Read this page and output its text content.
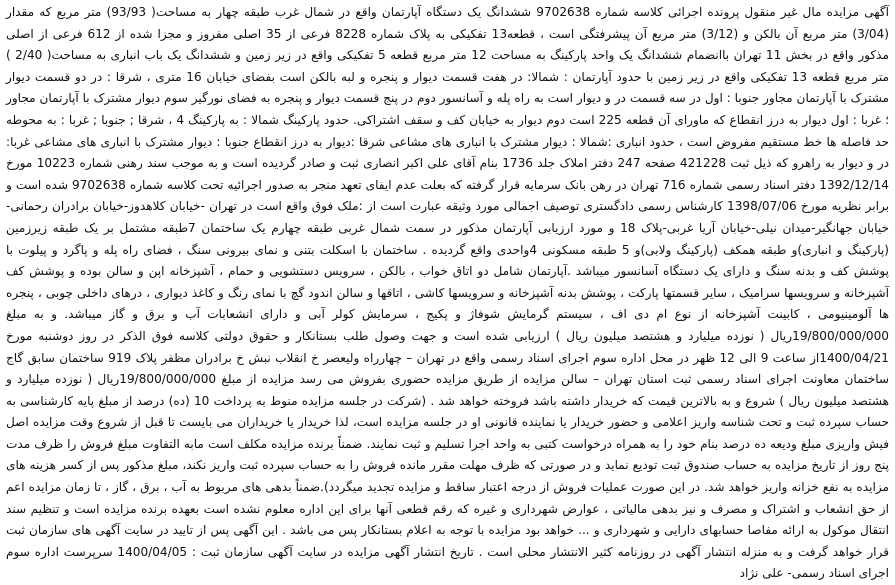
آگهی مزایده مال غیر منقول پرونده اجرائی کلاسه شماره 9702638 ششدانگ یک دستگاه آپارتمان واقع در شمال غرب طبقه چهار به مساحت( 93/93) متر مربع که مقدار (3/04) متر مربع آن بالکن و (3/12) متر مربع آن پیشرفتگی است ، قطعه13 تفکیکی به پلاک شماره 8228 فرعی از 35 اصلی مفروز و مجزا شده از 612 فرعی از اصلی مذکور واقع در بخش 11 تهران باانضمام ششدانگ یک واحد پارکینگ به مساحت 12 متر مربع قطعه 5 تفکیکی واقع در زیر زمین و ششدانگ یک باب انباری به مساحت( 2/40 ) متر مربع قطعه 13 تفکیکی واقع در زیر زمین با حدود آپارتمان : شمالا: در هفت قسمت دیوار و پنجره و لبه بالکن است بفضای خیابان 16 متری ، شرقا : در دو قسمت دیوار مشترک با آپارتمان مجاور جنوبا : اول در سه قسمت در و دیوار است به راه پله و آسانسور دوم در پنج قسمت دیوار و پنجره به فضای نورگیر سوم دیوار مشترک با آپارتمان مجاور ؛ غربا : اول دیوار به درز انقطاع که ماورای آن قطعه 225 است دوم دیوار به خیابان کف و سقف اشتراکی. حدود پارکینگ شمالا : به پارکینگ 4 ، شرقا ; جنوبا ; غربا : به محوطه حد فاصله ها خط مستقیم مفروض است ، حدود انباری :شمالا : دیوار مشترک با انباری های مشاعی شرقا :دیوار به درز انقطاع جنوبا : دیوار مشترک با انباری های مشاعی غربا: در و دیوار به راهرو که ذیل ثبت 421228 صفحه 247 دفتر املاک جلد 1736 بنام آقای علی اکبر انصاری ثبت و صادر گردیده است و به موجب سند رهنی شماره 10223 مورخ 1392/12/14 دفتر اسناد رسمی شماره 716 تهران در رهن بانک سرمایه قرار گرفته که بعلت عدم ایفای تعهد منجر به صدور اجرائیه تحت کلاسه شماره 9702638 شده است و برابر نظریه مورخ 1398/07/06 کارشناس رسمی دادگستری توصیف اجمالی مورد وثیقه عبارت است از :ملک فوق واقع است در تهران -خیابان کلاهدوز-خیابان برادران رحمانی- خیابان جهانگیر-میدان نیلی-خیابان آریا غربی-پلاک 18 و مورد ارزیابی آپارتمان مذکور در سمت شمال غربی طبقه چهارم یک ساختمان 7طبقه مشتمل بر یک طبقه زیرزمین (پارکینگ و انباری)و طبقه همکف (پارکینگ ولابی)و 5 طبقه مسکونی 4واحدی واقع گردیده . ساختمان با اسکلت بتنی و نمای بیرونی سنگ ، فضای راه پله و پاگرد و پیلوت با پوشش کف و بدنه سنگ و دارای یک دستگاه آسانسور میباشد .آپارتمان شامل دو اتاق خواب ، بالکن ، سرویس دستشویی و حمام ، آشپزخانه اپن و سالن بوده و پوشش کف آشپزخانه و سرویسها سرامیک ، سایر قسمتها پارکت ، پوشش بدنه آشپزخانه و سرویسها کاشی ، اتاقها و سالن اندود گچ با نمای رنگ و کاغذ دیواری ، درهای داخلی چوبی ، پنجره ها آلومینیومی ، کابینت آشپزخانه از نوع ام دی اف ، سیستم گرمایش شوفاژ و پکیج ، سرمایش کولر آبی و دارای انشعابات آب و برق و گاز میباشد. و به مبلغ 19/800/000/000ریال ( نوزده میلیارد و هشتصد میلیون ریال ) ارزیابی شده است و جهت وصول طلب بستانکار و حقوق دولتی کلاسه فوق الذکر در روز دوشنبه مورخ 1400/04/21از ساعت 9 الی 12 ظهر در محل اداره سوم اجرای اسناد رسمی واقع در تهران – چهارراه ولیعصر خ انقلاب نبش خ برادران مظفر پلاک 919 ساختمان سابق گاج ساختمان معاونت اجرای اسناد رسمی ثبت استان تهران – سالن مزایده از طریق مزایده حضوری بفروش می رسد مزایده از مبلغ 19/800/000/000ریال ( نوزده میلیارد و هشتصد میلیون ریال ) شروع و به بالاترین قیمت که خریدار داشته باشد فروخته خواهد شد . (شرکت در جلسه مزایده منوط به پرداخت 10 (ده) درصد از مبلغ پایه کارشناسی به حساب سپرده ثبت و تحت شناسه واریز اعلامی و حضور خریدار یا نماینده قانونی او در جلسه مزایده است، لذا خریدار یا خریداران می بایست تا قبل از شروع وقت مزایده اصل فیش واریزی مبلغ ودیعه ده درصد بنام خود را به همراه درخواست کتبی به واحد اجرا تسلیم و ثبت نمایند. ضمناً برنده مزایده مکلف است مابه التفاوت مبلغ فروش را ظرف مدت پنج روز از تاریخ مزایده به حساب صندوق ثبت تودیع نماید و در صورتی که ظرف مهلت مقرر مانده فروش را به حساب سپرده ثبت واریز نکند، مبلغ مذکور پس از کسر هزینه های مزایده به نفع خزانه واریز خواهد شد. در این صورت عملیات فروش از درجه اعتبار ساقط و مزایده تجدید میگردد).ضمناً بدهی های مربوط به آب ، برق ، گاز ، تا زمان مزایده اعم از حق انشعاب و اشتراک و مصرف و نیز بدهی مالیاتی ، عوارض شهرداری و غیره که رقم قطعی آنها برای این اداره معلوم نشده است بعهده برنده مزایده است و تنظیم سند انتقال موکول به ارائه مفاصا حسابهای دارایی و شهرداری و ... خواهد بود مزایده با توجه به اعلام بستانکار پس می باشد . این آگهی پس از تایید در سایت آگهی های سازمان ثبت قرار خواهد گرفت و به منزله انتشار آگهی در روزنامه کثیر الانتشار محلی است . تاریخ انتشار آگهی مزایده در سایت آگهی سازمان ثبت : 1400/04/05 سرپرست اداره سوم اجرای اسناد رسمی- علی نژاد
